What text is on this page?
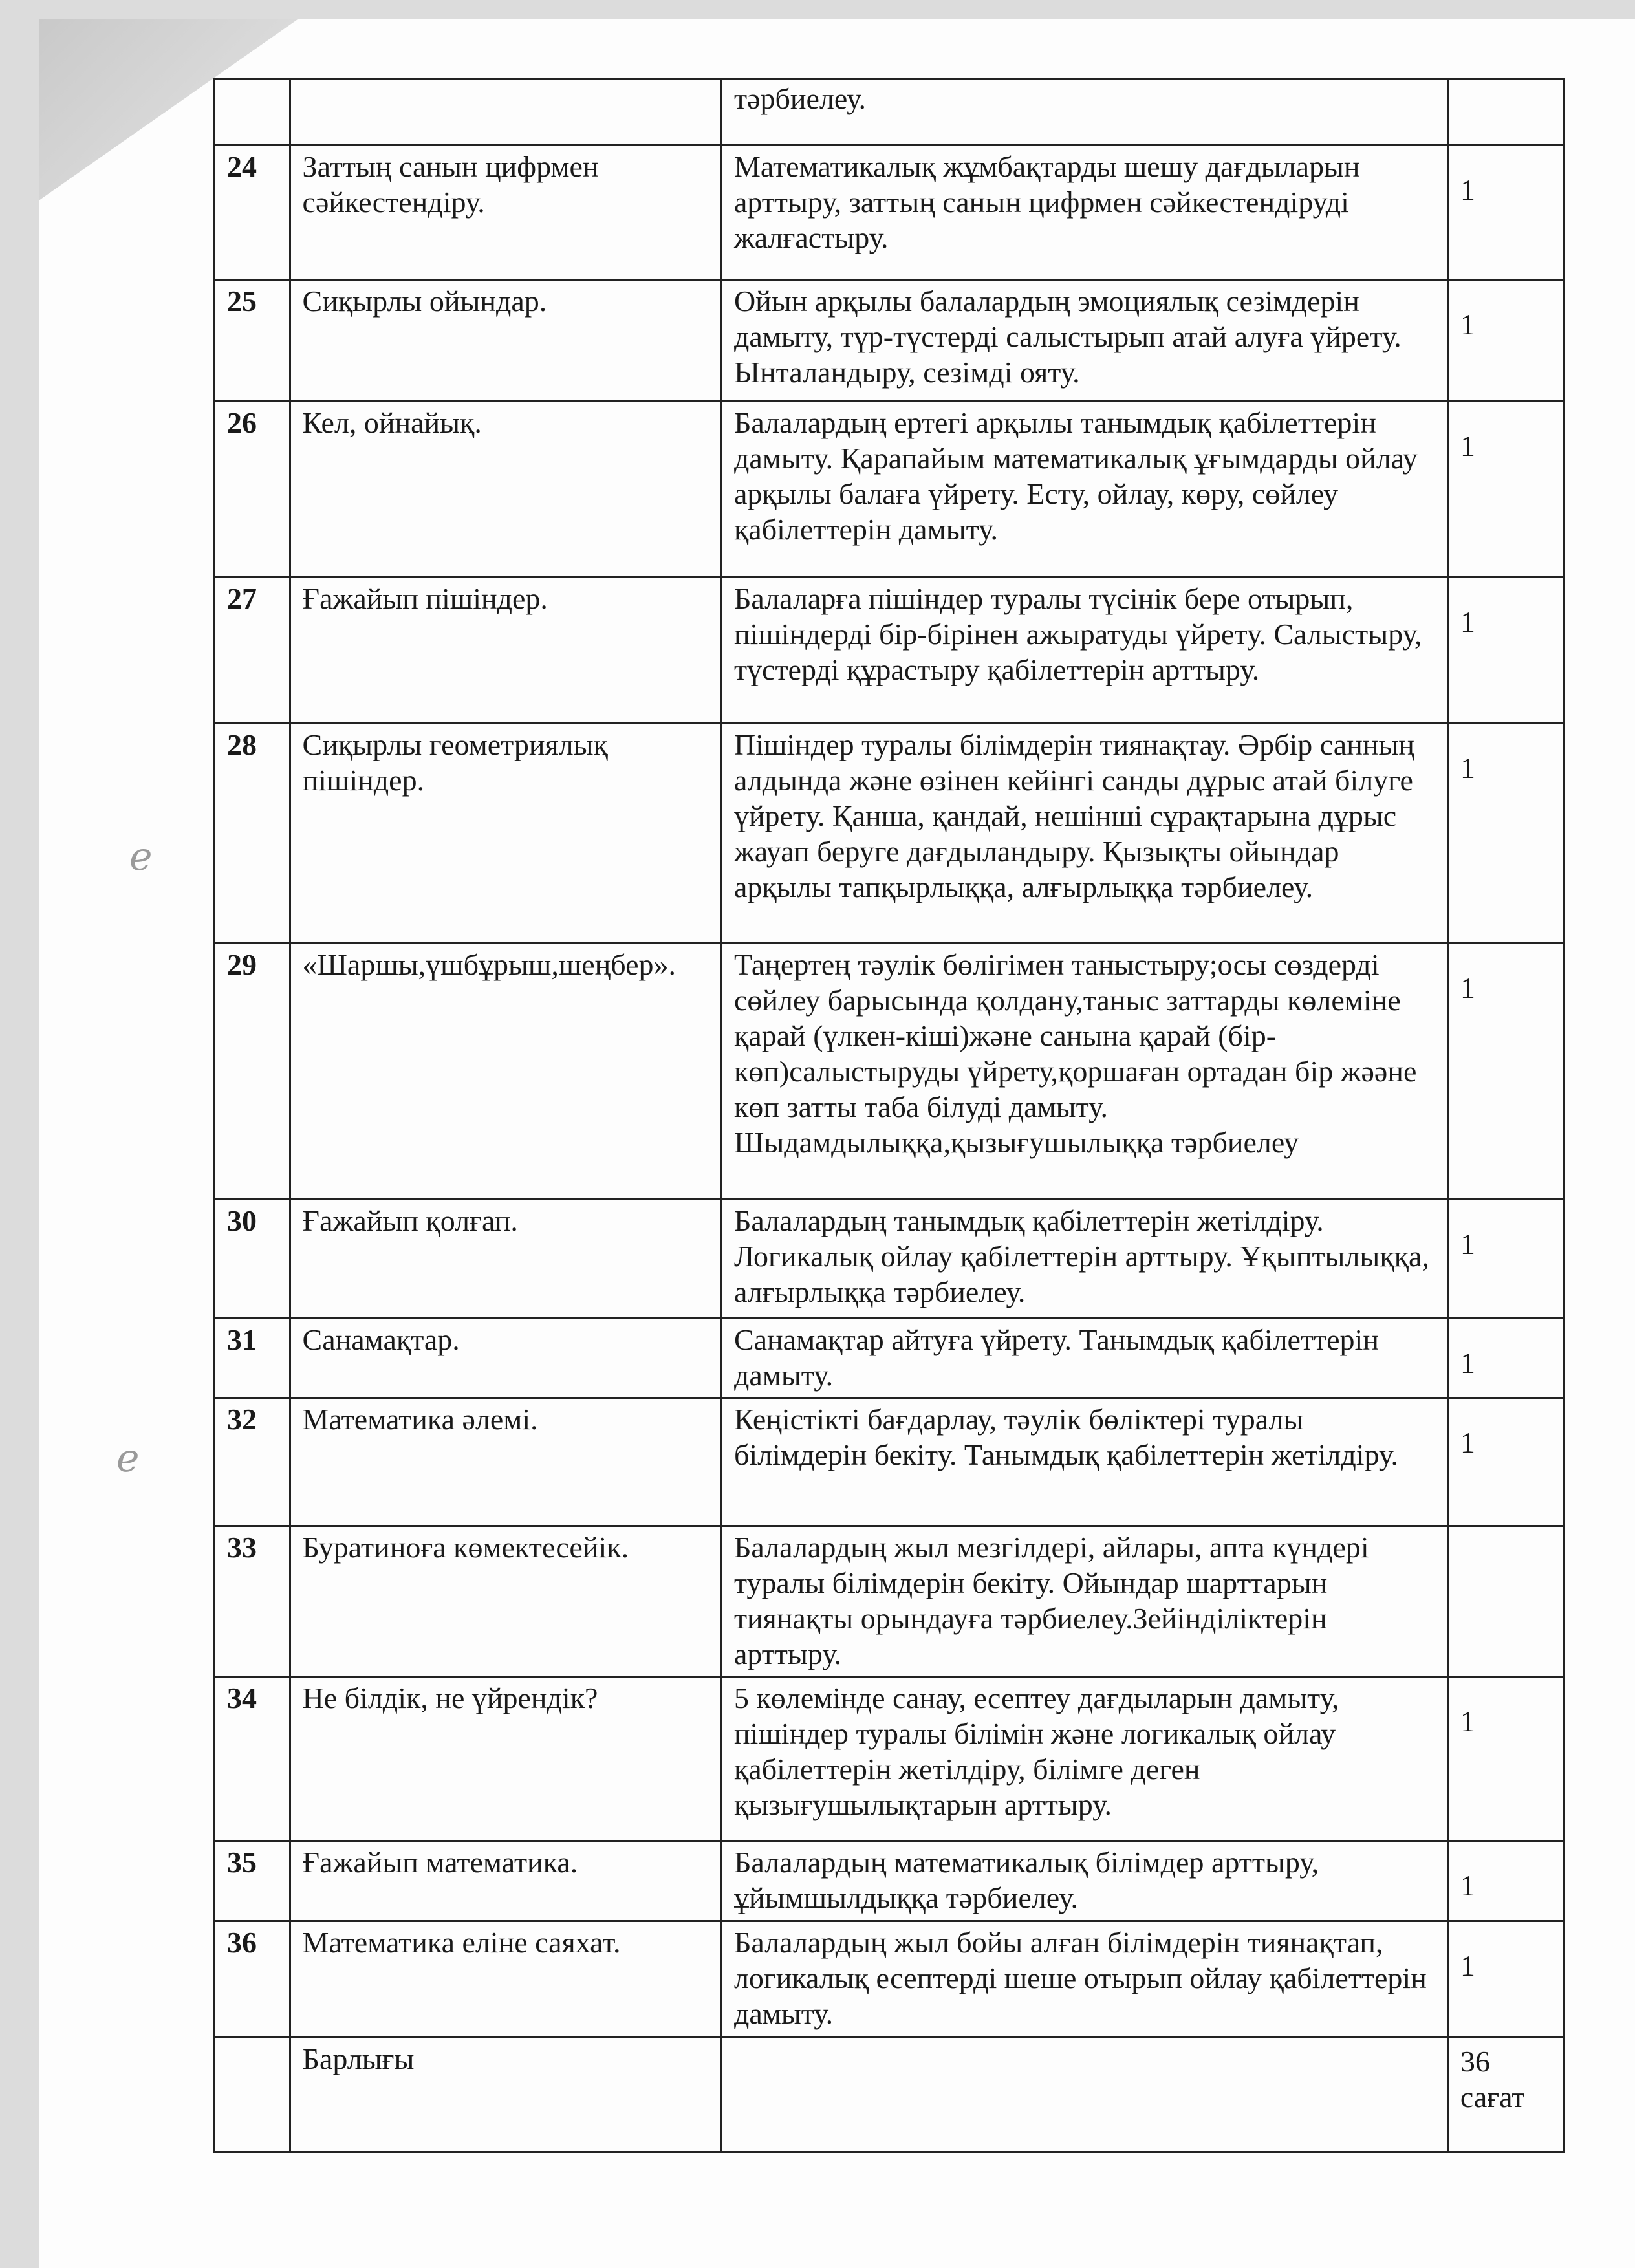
ℯ
ℯ
		тәрбиелеу.	
24	Заттың санын цифрмен сәйкестендіру.	Математикалық жұмбақтарды шешу дағдыларын арттыру, заттың санын цифрмен сәйкестендіруді жалғастыру.	1
25	Сиқырлы ойындар.	Ойын арқылы балалардың эмоциялық сезімдерін дамыту, түр-түстерді салыстырып атай алуға үйрету. Ынталандыру, сезімді ояту.	1
26	Кел, ойнайық.	Балалардың ертегі арқылы танымдық қабілеттерін дамыту. Қарапайым математикалық ұғымдарды ойлау арқылы балаға үйрету. Есту, ойлау, көру, сөйлеу қабілеттерін дамыту.	1
27	Ғажайып пішіндер.	Балаларға пішіндер туралы түсінік бере отырып, пішіндерді бір-бірінен ажыратуды үйрету. Салыстыру, түстерді құрастыру қабілеттерін арттыру.	1
28	Сиқырлы геометриялық пішіндер.	Пішіндер туралы білімдерін тиянақтау. Әрбір санның алдында және өзінен кейінгі санды дұрыс атай білуге үйрету. Қанша, қандай, нешінші сұрақтарына дұрыс жауап беруге дағдыландыру. Қызықты ойындар арқылы тапқырлыққа, алғырлыққа тәрбиелеу.	1
29	«Шаршы,үшбұрыш,шеңбер».	Таңертең тәулік бөлігімен таныстыру;осы сөздерді сөйлеу барысында қолдану,таныс заттарды көлеміне қарай (үлкен-кіші)және санына қарай (бір-көп)салыстыруды үйрету,қоршаған ортадан бір жәәне көп затты таба білуді дамыту. Шыдамдылыққа,қызығушылыққа тәрбиелеу	1
30	Ғажайып қолғап.	Балалардың танымдық қабілеттерін жетілдіру. Логикалық ойлау қабілеттерін арттыру. Ұқыптылыққа, алғырлыққа тәрбиелеу.	1
31	Санамақтар.	Санамақтар айтуға үйрету. Танымдық қабілеттерін дамыту.	1
32	Математика әлемі.	Кеңістікті бағдарлау, тәулік бөліктері туралы білімдерін бекіту. Танымдық қабілеттерін жетілдіру.	1
33	Буратиноға көмектесейік.	Балалардың жыл мезгілдері, айлары, апта күндері туралы білімдерін бекіту. Ойындар шарттарын тиянақты орындауға тәрбиелеу.Зейінділіктерін арттыру.	
34	Не білдік, не үйрендік?	5 көлемінде санау, есептеу дағдыларын дамыту, пішіндер туралы білімін және логикалық ойлау қабілеттерін жетілдіру, білімге деген қызығушылықтарын арттыру.	1
35	Ғажайып математика.	Балалардың математикалық білімдер арттыру, ұйымшылдыққа тәрбиелеу.	1
36	Математика еліне саяхат.	Балалардың жыл бойы алған білімдерін тиянақтап, логикалық есептерді шеше отырып ойлау қабілеттерін дамыту.	1
	Барлығы		36 сағат
